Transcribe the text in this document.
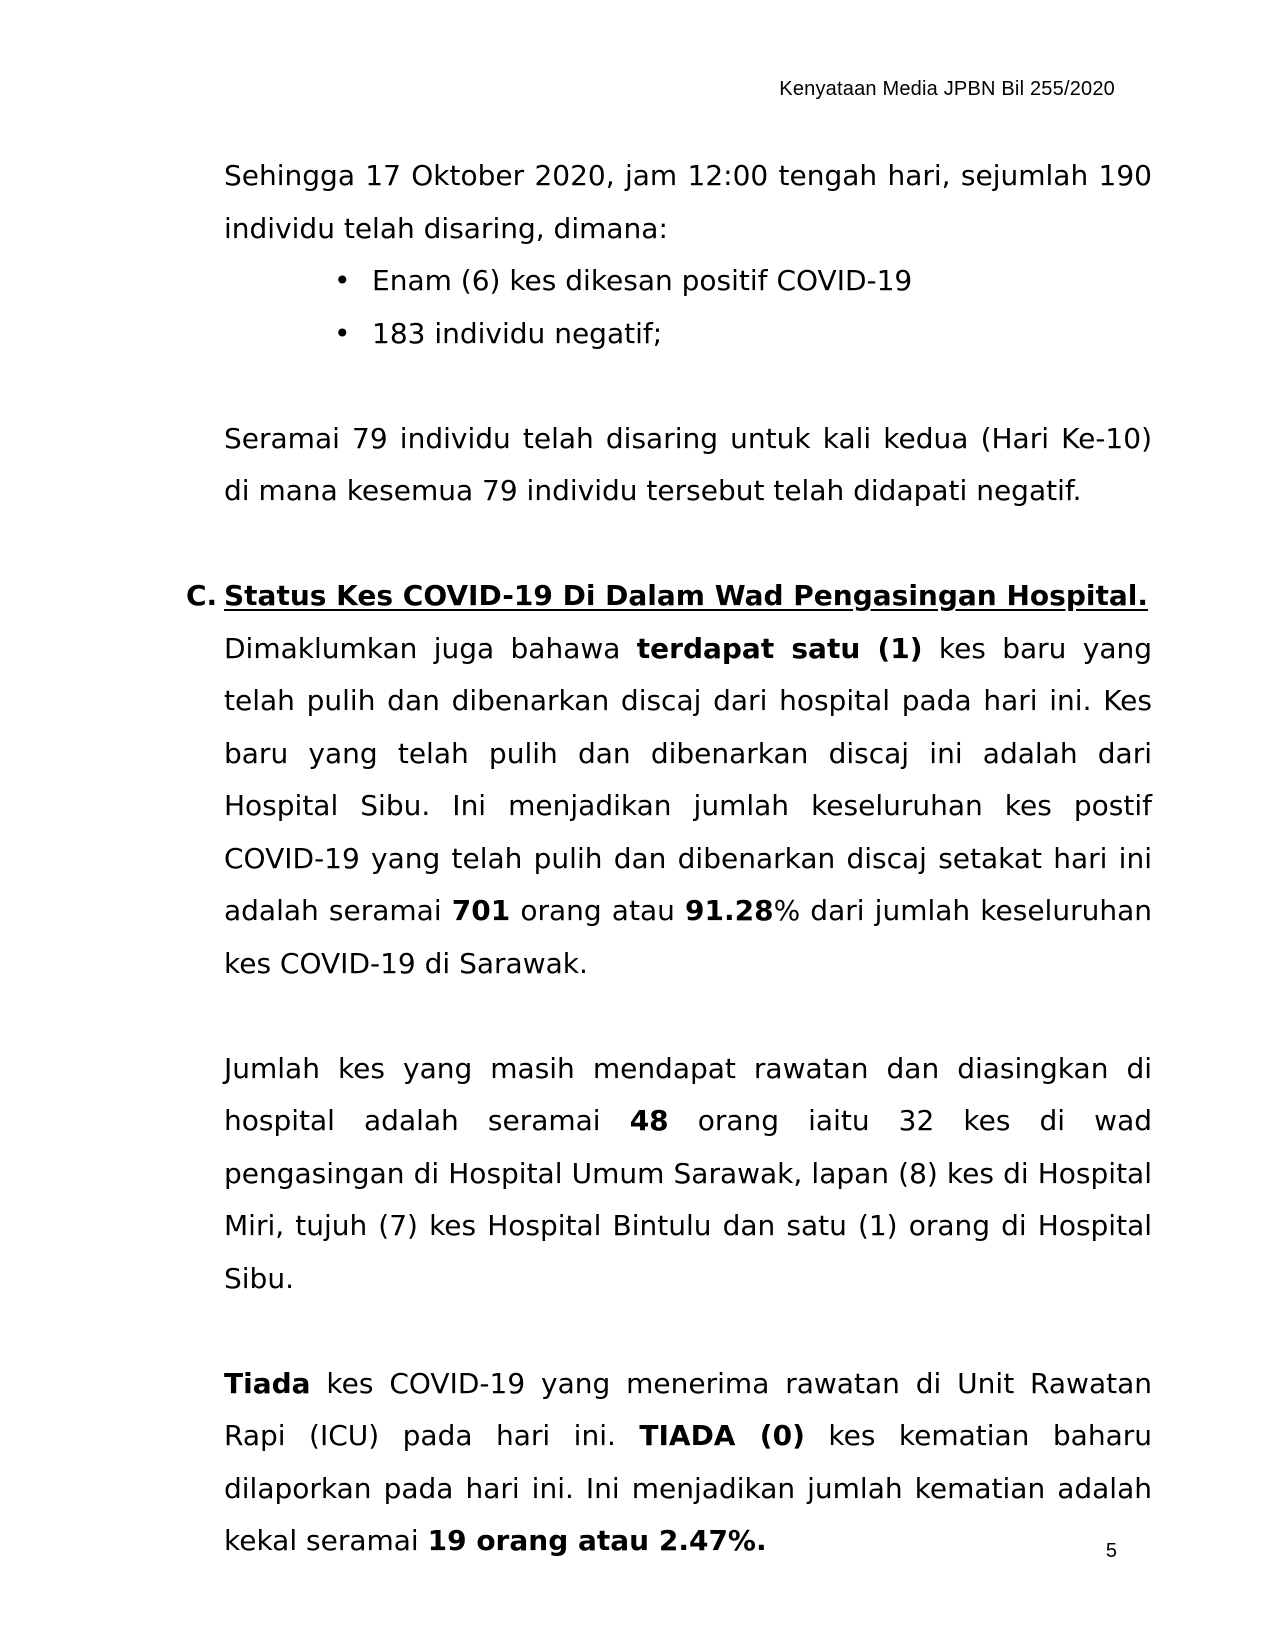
Kenyataan Media JPBN Bil 255/2020

Sehingga 17 Oktober 2020, jam 12:00 tengah hari, sejumlah 190 individu telah disaring, dimana:

• Enam (6) kes dikesan positif COVID-19
• 183 individu negatif;

Seramai 79 individu telah disaring untuk kali kedua (Hari Ke-10) di mana kesemua 79 individu tersebut telah didapati negatif.

C. Status Kes COVID-19 Di Dalam Wad Pengasingan Hospital.

Dimaklumkan juga bahawa terdapat satu (1) kes baru yang telah pulih dan dibenarkan discaj dari hospital pada hari ini. Kes baru yang telah pulih dan dibenarkan discaj ini adalah dari Hospital Sibu. Ini menjadikan jumlah keseluruhan kes postif COVID-19 yang telah pulih dan dibenarkan discaj setakat hari ini adalah seramai 701 orang atau 91.28% dari jumlah keseluruhan kes COVID-19 di Sarawak.

Jumlah kes yang masih mendapat rawatan dan diasingkan di hospital adalah seramai 48 orang iaitu 32 kes di wad pengasingan di Hospital Umum Sarawak, lapan (8) kes di Hospital Miri, tujuh (7) kes Hospital Bintulu dan satu (1) orang di Hospital Sibu.

Tiada kes COVID-19 yang menerima rawatan di Unit Rawatan Rapi (ICU) pada hari ini. TIADA (0) kes kematian baharu dilaporkan pada hari ini. Ini menjadikan jumlah kematian adalah kekal seramai 19 orang atau 2.47%.	5
